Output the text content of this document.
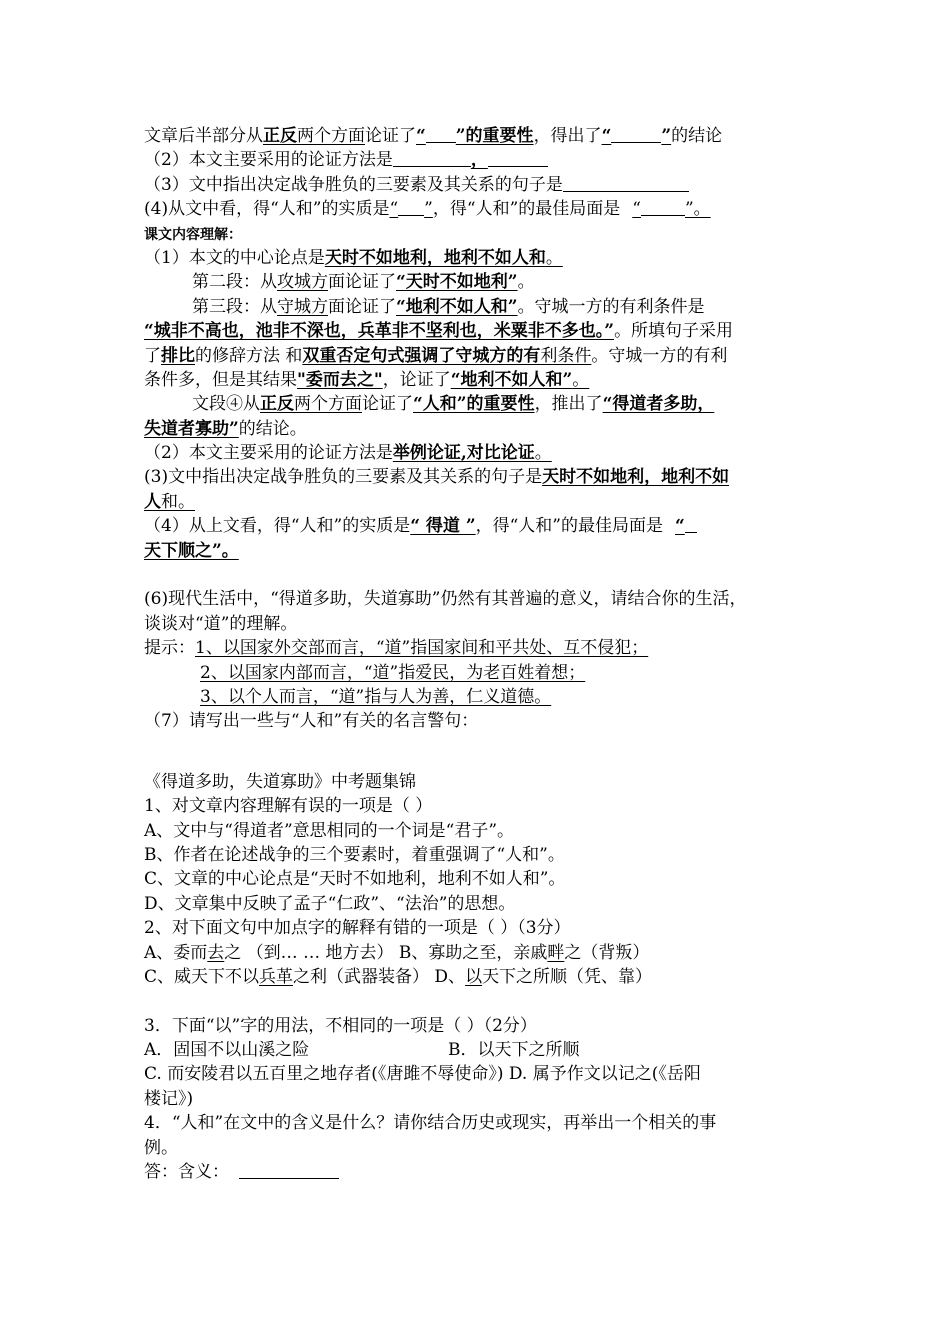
文章后半部分从正反两个方面论证了“ ”的重要性，得出了“	”的结论
（2）本文主要采用的论证方法是	，
（3）文中指出决定战争胜负的三要素及其关系的句子是
(4)从文中看，得“人和”的实质是“ ”，得“人和”的最佳局面是 “	”。
课文内容理解：
（1）本文的中心论点是天时不如地利，地利不如人和。
第二段：从攻城方面论证了“天时不如地利”。
第三段：从守城方面论证了“地利不如人和”。守城一方的有利条件是
“城非不高也，池非不深也，兵革非不坚利也，米粟非不多也。”。所填句子采用
了排比的修辞方法 和双重否定句式强调了守城方的有利条件。守城一方的有利
条件多，但是其结果"委而去之"，论证了“地利不如人和”。
文段④从正反两个方面论证了“人和”的重要性，推出了“得道者多助，
失道者寡助”的结论。
（2）本文主要采用的论证方法是举例论证,对比论证。
(3)文中指出决定战争胜负的三要素及其关系的句子是天时不如地利，地利不如
人和。
（4）从上文看，得“人和”的实质是“ 得道 ”，得“人和”的最佳局面是 “
天下顺之”。
(6)现代生活中，“得道多助，失道寡助”仍然有其普遍的意义，请结合你的生活，
谈谈对“道”的理解。
提示：1、以国家外交部而言，“道”指国家间和平共处、互不侵犯；
2、以国家内部而言，“道”指爱民，为老百姓着想；
3、以个人而言，“道”指与人为善，仁义道德。
（7）请写出一些与“人和”有关的名言警句：
《得道多助，失道寡助》中考题集锦
1、对文章内容理解有误的一项是（ ）
A、文中与“得道者”意思相同的一个词是“君子”。
B、作者在论述战争的三个要素时，着重强调了“人和”。
C、文章的中心论点是“天时不如地利，地利不如人和”。
D、文章集中反映了孟子“仁政”、“法治”的思想。
2、对下面文句中加点字的解释有错的一项是（ ）（3分）
A、委而去之 （到… … 地方去） B、寡助之至，亲戚畔之（背叛）
C、威天下不以兵革之利（武器装备） D、以天下之所顺（凭、靠）
3．下面“以”字的用法，不相同的一项是（ ）（2分）
A．固国不以山溪之险	B．以天下之所顺
C. 而安陵君以五百里之地存者(《唐雎不辱使命》) D. 属予作文以记之(《岳阳
楼记》)
4．“人和”在文中的含义是什么？请你结合历史或现实，再举出一个相关的事
例。
答：含义：
